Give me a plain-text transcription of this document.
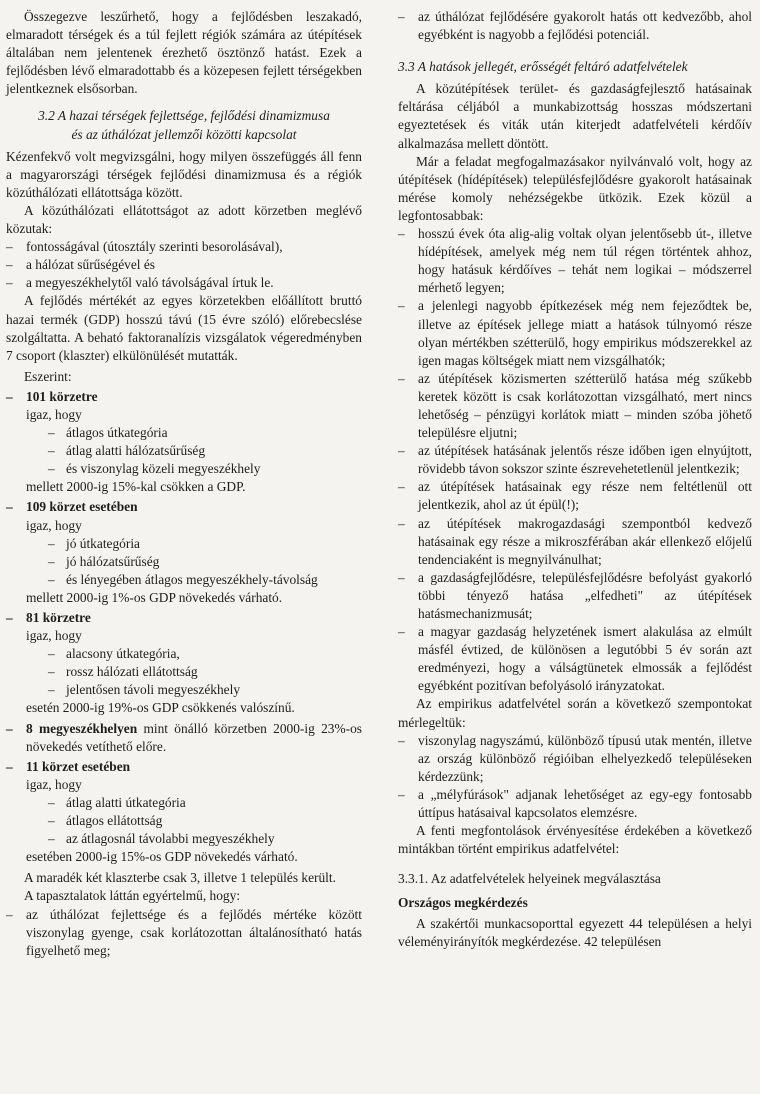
Összegezve leszűrhető, hogy a fejlődésben leszakadó, elmaradott térségek és a túl fejlett régiók számára az útépítések általában nem jelentenek érezhető ösztönző hatást. Ezek a fejlődésben lévő elmaradottabb és a közepesen fejlett térségekben jelentkeznek elsősorban.

3.2 A hazai térségek fejlettsége, fejlődési dinamizmusa
és az úthálózat jellemzői közötti kapcsolat

Kézenfekvő volt megvizsgálni, hogy milyen összefüggés áll fenn a magyarországi térségek fejlődési dinamizmusa és a régiók közúthálózati ellátottsága között.

A közúthálózati ellátottságot az adott körzetben meglévő közutak:

– fontosságával (útosztály szerinti besorolásával),

– a hálózat sűrűségével és

– a megyeszékhelytől való távolságával írtuk le.

A fejlődés mértékét az egyes körzetekben előállított bruttó hazai termék (GDP) hosszú távú (15 évre szóló) előrebecslése szolgáltatta. A beható faktoranalízis vizsgálatok végeredményben 7 csoport (klaszter) elkülönülését mutatták.

Eszerint:

– 101 körzetre

igaz, hogy

– átlagos útkategória

– átlag alatti hálózatsűrűség

– és viszonylag közeli megyeszékhely

mellett 2000-ig 15%-kal csökken a GDP.

– 109 körzet esetében

igaz, hogy

– jó útkategória

– jó hálózatsűrűség

– és lényegében átlagos megyeszékhely-távolság

mellett 2000-ig 1%-os GDP növekedés várható.

– 81 körzetre

igaz, hogy

– alacsony útkategória,

– rossz hálózati ellátottság

– jelentősen távoli megyeszékhely

esetén 2000-ig 19%-os GDP csökkenés valószínű.

– 8 megyeszékhelyen mint önálló körzetben 2000-ig 23%-os növekedés vetíthető előre.

– 11 körzet esetében

igaz, hogy

– átlag alatti útkategória

– átlagos ellátottság

– az átlagosnál távolabbi megyeszékhely

esetében 2000-ig 15%-os GDP növekedés várható.

A maradék két klaszterbe csak 3, illetve 1 település került.

A tapasztalatok láttán egyértelmű, hogy:

– az úthálózat fejlettsége és a fejlődés mértéke között viszonylag gyenge, csak korlátozottan általánosítható hatás figyelhető meg;

– az úthálózat fejlődésére gyakorolt hatás ott kedvezőbb, ahol egyébként is nagyobb a fejlődési potenciál.

3.3 A hatások jellegét, erősségét feltáró adatfelvételek

A közútépítések terület- és gazdaságfejlesztő hatásainak feltárása céljából a munkabizottság hosszas módszertani egyeztetések és viták után kiterjedt adatfelvételi kérdőív alkalmazása mellett döntött.

Már a feladat megfogalmazásakor nyilvánvaló volt, hogy az útépítések (hídépítések) településfejlődésre gyakorolt hatásainak mérése komoly nehézségekbe ütközik. Ezek közül a legfontosabbak:

– hosszú évek óta alig-alig voltak olyan jelentősebb út-, illetve hídépítések, amelyek még nem túl régen történtek ahhoz, hogy hatásuk kérdőíves – tehát nem logikai – módszerrel mérhető legyen;

– a jelenlegi nagyobb építkezések még nem fejeződtek be, illetve az építések jellege miatt a hatások túlnyomó része olyan mértékben szétterülő, hogy empirikus módszerekkel az igen magas költségek miatt nem vizsgálhatók;

– az útépítések közismerten szétterülő hatása még szűkebb keretek között is csak korlátozottan vizsgálható, mert nincs lehetőség – pénzügyi korlátok miatt – minden szóba jöhető településre eljutni;

– az útépítések hatásának jelentős része időben igen elnyújtott, rövidebb távon sokszor szinte észrevehetetlenül jelentkezik;

– az útépítések hatásainak egy része nem feltétlenül ott jelentkezik, ahol az út épül(!);

– az útépítések makrogazdasági szempontból kedvező hatásainak egy része a mikroszférában akár ellenkező előjelű tendenciaként is megnyilvánulhat;

– a gazdaságfejlődésre, településfejlődésre befolyást gyakorló többi tényező hatása „elfedheti" az útépítések hatásmechanizmusát;

– a magyar gazdaság helyzetének ismert alakulása az elmúlt másfél évtized, de különösen a legutóbbi 5 év során azt eredményezi, hogy a válságtünetek elmossák a fejlődést egyébként pozitívan befolyásoló irányzatokat.

Az empirikus adatfelvétel során a következő szempontokat mérlegeltük:

– viszonylag nagyszámú, különböző típusú utak mentén, illetve az ország különböző régióiban elhelyezkedő településeken kérdezzünk;

– a „mélyfúrások" adjanak lehetőséget az egy-egy fontosabb úttípus hatásaival kapcsolatos elemzésre.

A fenti megfontolások érvényesítése érdekében a következő mintákban történt empirikus adatfelvétel:

3.3.1. Az adatfelvételek helyeinek megválasztása

Országos megkérdezés

A szakértői munkacsoporttal egyezett 44 településen a helyi véleményirányítók megkérdezése. 42 településen
